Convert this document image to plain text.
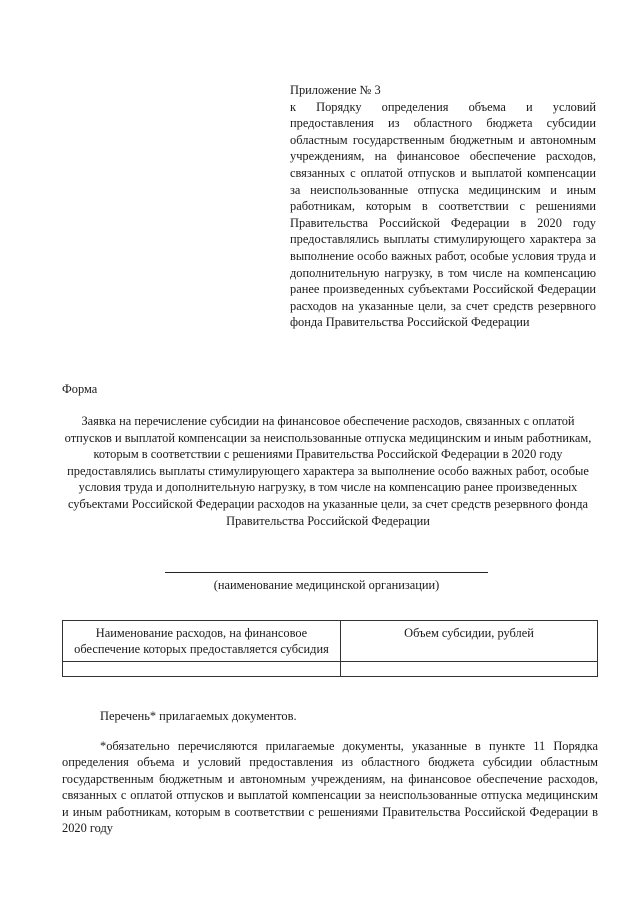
Приложение № 3
к Порядку определения объема и условий предоставления из областного бюджета субсидии областным государственным бюджетным и автономным учреждениям, на финансовое обеспечение расходов, связанных с оплатой отпусков и выплатой компенсации за неиспользованные отпуска медицинским и иным работникам, которым в соответствии с решениями Правительства Российской Федерации в 2020 году предоставлялись выплаты стимулирующего характера за выполнение особо важных работ, особые условия труда и дополнительную нагрузку, в том числе на компенсацию ранее произведенных субъектами Российской Федерации расходов на указанные цели, за счет средств резервного фонда Правительства Российской Федерации
Форма
Заявка на перечисление субсидии на финансовое обеспечение расходов, связанных с оплатой отпусков и выплатой компенсации за неиспользованные отпуска медицинским и иным работникам, которым в соответствии с решениями Правительства Российской Федерации в 2020 году предоставлялись выплаты стимулирующего характера за выполнение особо важных работ, особые условия труда и дополнительную нагрузку, в том числе на компенсацию ранее произведенных субъектами Российской Федерации расходов на указанные цели, за счет средств резервного фонда Правительства Российской Федерации
(наименование медицинской организации)
Наименование расходов, на финансовое обеспечение которых предоставляется субсидия	Объем субсидии, рублей

Перечень* прилагаемых документов.
*обязательно перечисляются прилагаемые документы, указанные в пункте 11 Порядка определения объема и условий предоставления из областного бюджета субсидии областным государственным бюджетным и автономным учреждениям, на финансовое обеспечение расходов, связанных с оплатой отпусков и выплатой компенсации за неиспользованные отпуска медицинским и иным работникам, которым в соответствии с решениями Правительства Российской Федерации в 2020 году
